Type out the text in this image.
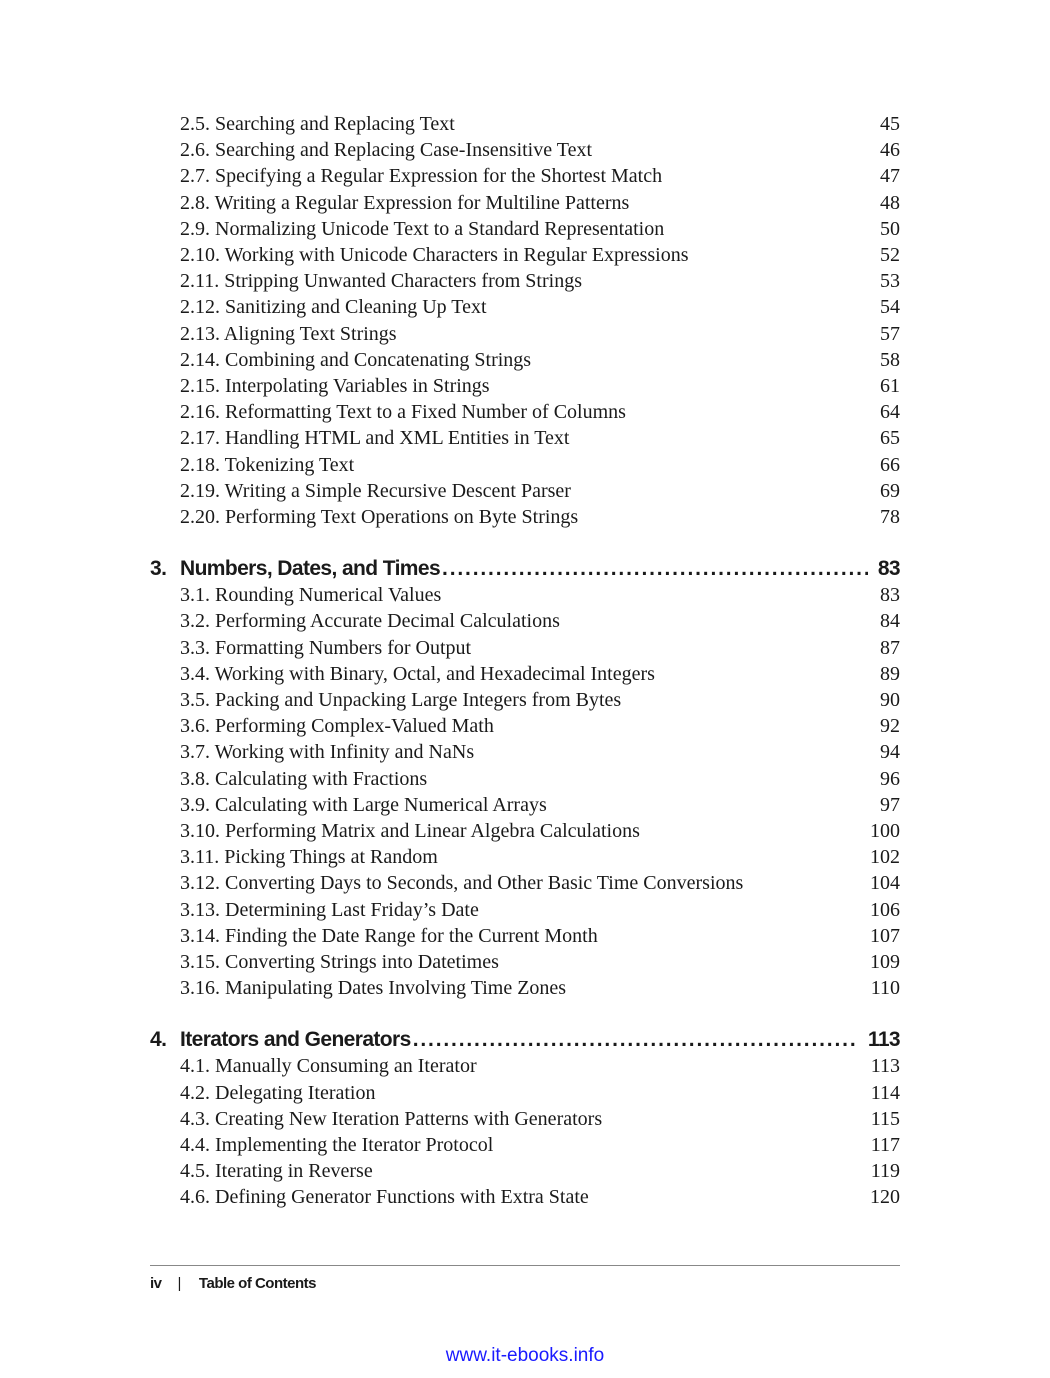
2.5. Searching and Replacing Text	45
2.6. Searching and Replacing Case-Insensitive Text	46
2.7. Specifying a Regular Expression for the Shortest Match	47
2.8. Writing a Regular Expression for Multiline Patterns	48
2.9. Normalizing Unicode Text to a Standard Representation	50
2.10. Working with Unicode Characters in Regular Expressions	52
2.11. Stripping Unwanted Characters from Strings	53
2.12. Sanitizing and Cleaning Up Text	54
2.13. Aligning Text Strings	57
2.14. Combining and Concatenating Strings	58
2.15. Interpolating Variables in Strings	61
2.16. Reformatting Text to a Fixed Number of Columns	64
2.17. Handling HTML and XML Entities in Text	65
2.18. Tokenizing Text	66
2.19. Writing a Simple Recursive Descent Parser	69
2.20. Performing Text Operations on Byte Strings	78
3. Numbers, Dates, and Times . . .	83
3.1. Rounding Numerical Values	83
3.2. Performing Accurate Decimal Calculations	84
3.3. Formatting Numbers for Output	87
3.4. Working with Binary, Octal, and Hexadecimal Integers	89
3.5. Packing and Unpacking Large Integers from Bytes	90
3.6. Performing Complex-Valued Math	92
3.7. Working with Infinity and NaNs	94
3.8. Calculating with Fractions	96
3.9. Calculating with Large Numerical Arrays	97
3.10. Performing Matrix and Linear Algebra Calculations	100
3.11. Picking Things at Random	102
3.12. Converting Days to Seconds, and Other Basic Time Conversions	104
3.13. Determining Last Friday’s Date	106
3.14. Finding the Date Range for the Current Month	107
3.15. Converting Strings into Datetimes	109
3.16. Manipulating Dates Involving Time Zones	110
4. Iterators and Generators . . .	113
4.1. Manually Consuming an Iterator	113
4.2. Delegating Iteration	114
4.3. Creating New Iteration Patterns with Generators	115
4.4. Implementing the Iterator Protocol	117
4.5. Iterating in Reverse	119
4.6. Defining Generator Functions with Extra State	120
iv | Table of Contents
www.it-ebooks.info
